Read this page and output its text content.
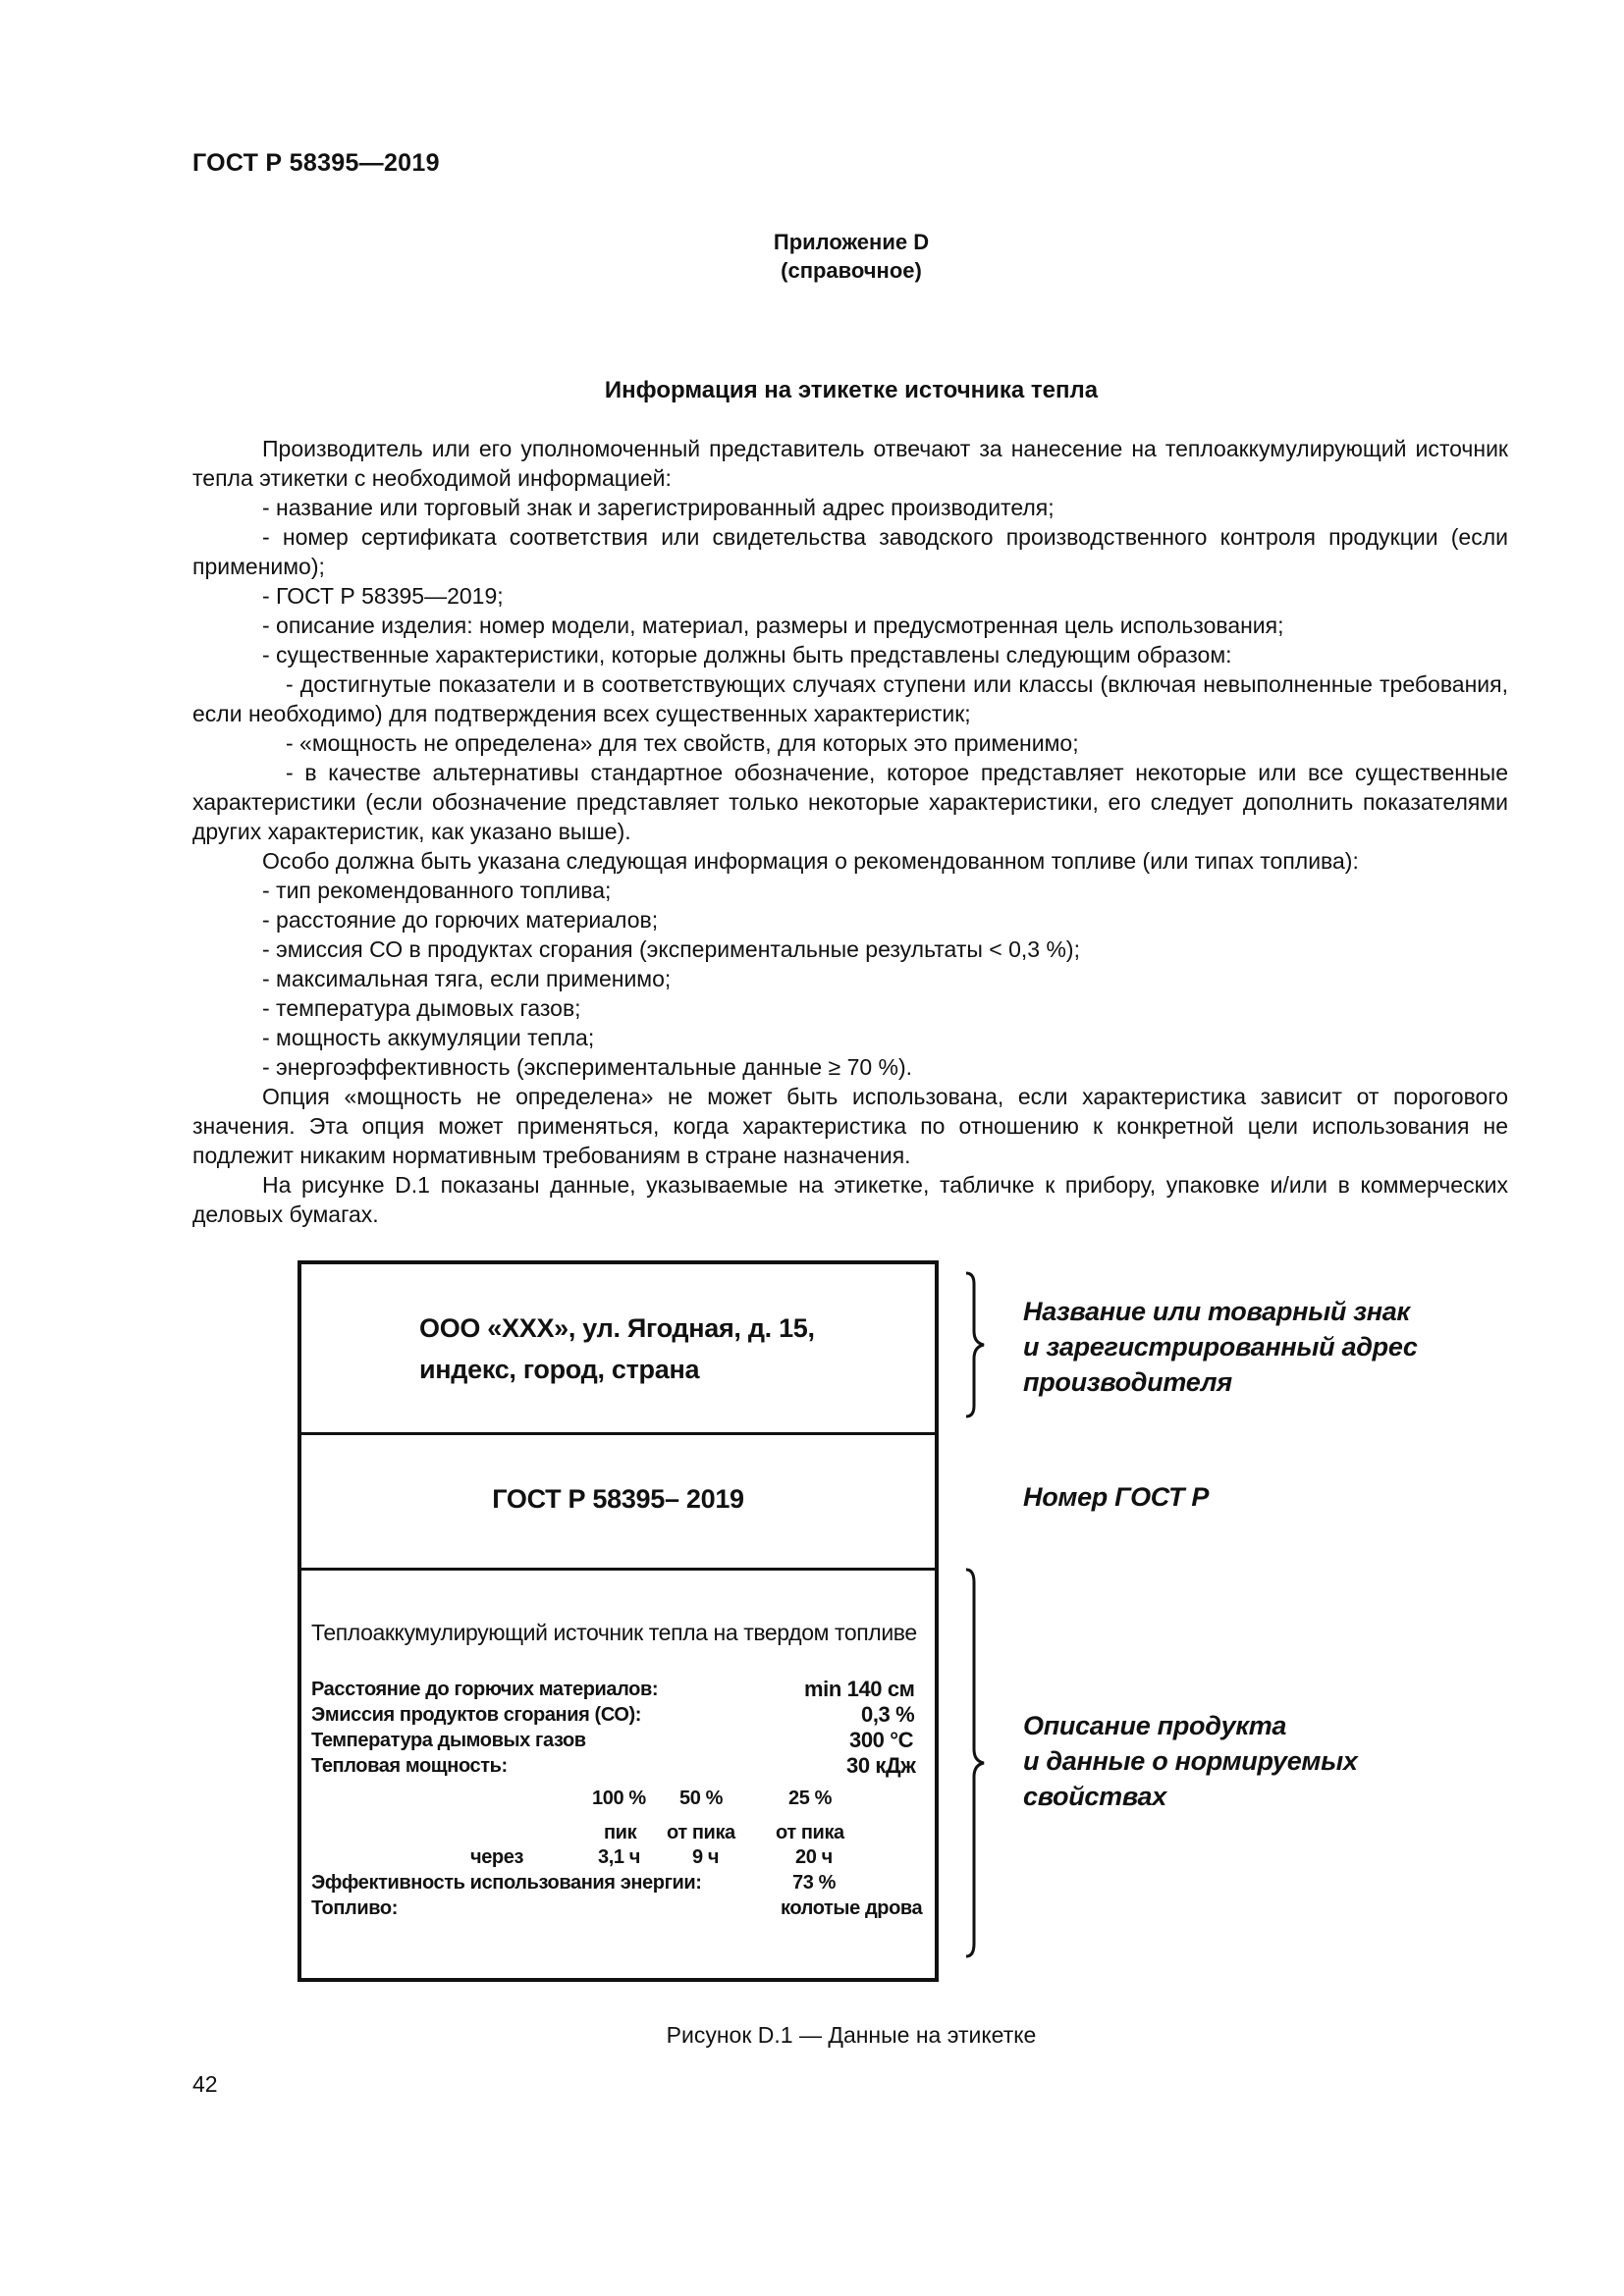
ГОСТ Р 58395—2019
Приложение D
(справочное)
Информация на этикетке источника тепла

Производитель или его уполномоченный представитель отвечают за нанесение на теплоаккумулирующий источник тепла этикетки с необходимой информацией:

- название или торговый знак и зарегистрированный адрес производителя;

- номер сертификата соответствия или свидетельства заводского производственного контроля продукции (если применимо);

- ГОСТ Р 58395—2019;

- описание изделия: номер модели, материал, размеры и предусмотренная цель использования;

- существенные характеристики, которые должны быть представлены следующим образом:

- достигнутые показатели и в соответствующих случаях ступени или классы (включая невыполненные требования, если необходимо) для подтверждения всех существенных характеристик;

- «мощность не определена» для тех свойств, для которых это применимо;

- в качестве альтернативы стандартное обозначение, которое представляет некоторые или все существенные характеристики (если обозначение представляет только некоторые характеристики, его следует дополнить показателями других характеристик, как указано выше).

Особо должна быть указана следующая информация о рекомендованном топливе (или типах топлива):

- тип рекомендованного топлива;

- расстояние до горючих материалов;

- эмиссия СО в продуктах сгорания (экспериментальные результаты < 0,3 %);

- максимальная тяга, если применимо;

- температура дымовых газов;

- мощность аккумуляции тепла;

- энергоэффективность (экспериментальные данные ≥ 70 %).

Опция «мощность не определена» не может быть использована, если характеристика зависит от порогового значения. Эта опция может применяться, когда характеристика по отношению к конкретной цели использования не подлежит никаким нормативным требованиям в стране назначения.

На рисунке D.1 показаны данные, указываемые на этикетке, табличке к прибору, упаковке и/или в коммерческих деловых бумагах.

ООО «XXX», ул. Ягодная, д. 15,
индекс, город, страна
ГОСТ Р 58395– 2019
Теплоаккумулирующий источник тепла на твердом топливе
Расстояние до горючих материалов:	min 140 см
Эмиссия продуктов сгорания (СО):	0,3 %
Температура дымовых газов	300 °С
Тепловая мощность:	30 кДж
100 % 50 %	25 %
пик от пика от пика
через	3,1 ч	9 ч	20 ч
Эффективность использования энергии:	73 %
Топливо:	колотые дрова
Название или товарный знак
и зарегистрированный адрес
производителя
Номер ГОСТ Р
Описание продукта
и данные о нормируемых
свойствах
Рисунок D.1 — Данные на этикетке
42
